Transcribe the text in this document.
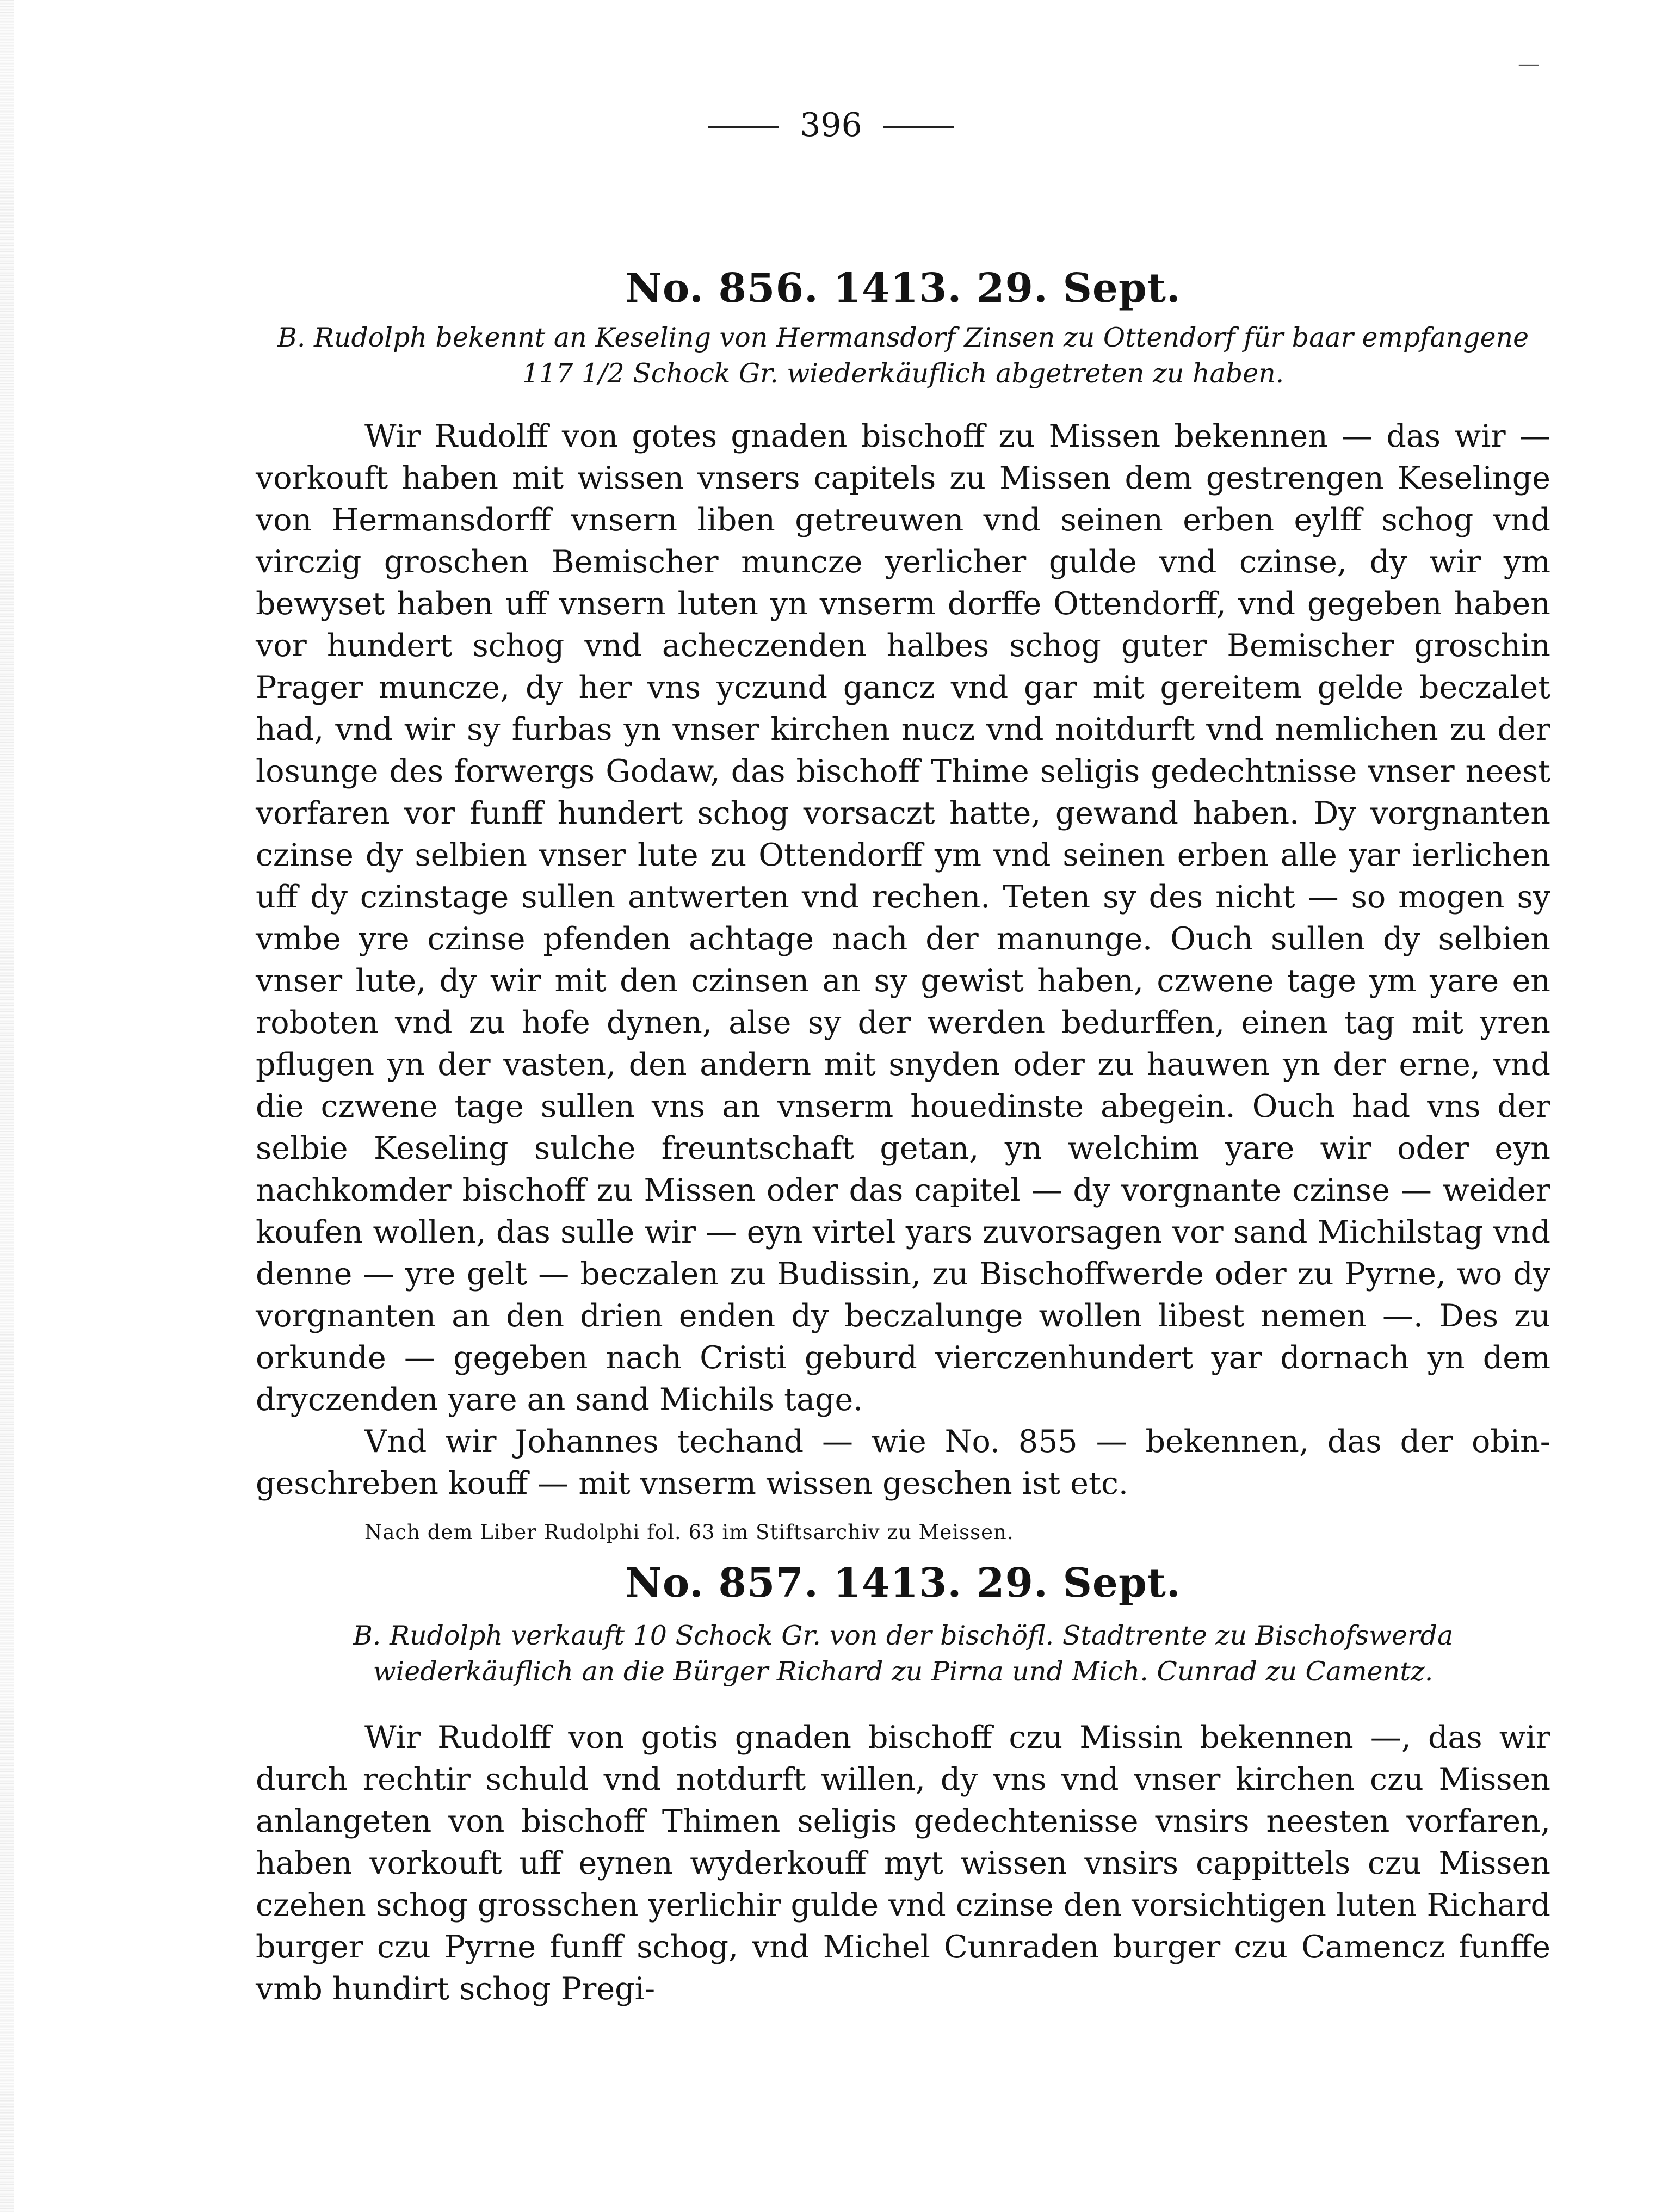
—
396
No. 856. 1413. 29. Sept.

B. Rudolph bekennt an Keseling von Hermansdorf Zinsen zu Ottendorf für baar empfangene 117 1/2 Schock Gr. wiederkäuflich abgetreten zu haben.

Wir Rudolff von gotes gnaden bischoff zu Missen bekennen — das wir — vorkouft haben mit wissen vnsers capitels zu Missen dem gestrengen Keselinge von Hermansdorff vnsern liben getreuwen vnd seinen erben eylff schog vnd virczig groschen Bemischer muncze yerlicher gulde vnd czinse, dy wir ym bewyset haben uff vnsern luten yn vnserm dorffe Ottendorff, vnd gegeben haben vor hundert schog vnd acheczenden halbes schog guter Bemischer groschin Prager muncze, dy her vns yczund gancz vnd gar mit gereitem gelde beczalet had, vnd wir sy furbas yn vnser kirchen nucz vnd noitdurft vnd nemlichen zu der losunge des forwergs Godaw, das bischoff Thime seligis gedechtnisse vnser neest vorfaren vor funff hundert schog vorsaczt hatte, gewand haben. Dy vorgnanten czinse dy selbien vnser lute zu Ottendorff ym vnd seinen erben alle yar ierlichen uff dy czinstage sullen antwerten vnd rechen. Teten sy des nicht — so mogen sy vmbe yre czinse pfenden achtage nach der manunge. Ouch sullen dy selbien vnser lute, dy wir mit den czinsen an sy gewist haben, czwene tage ym yare en roboten vnd zu hofe dynen, alse sy der werden bedurffen, einen tag mit yren pflugen yn der vasten, den andern mit snyden oder zu hauwen yn der erne, vnd die czwene tage sullen vns an vnserm houedinste abegein. Ouch had vns der selbie Keseling sulche freuntschaft getan, yn welchim yare wir oder eyn nachkomder bischoff zu Missen oder das capitel — dy vorgnante czinse — weider koufen wollen, das sulle wir — eyn virtel yars zuvorsagen vor sand Michilstag vnd denne — yre gelt — beczalen zu Budissin, zu Bischoffwerde oder zu Pyrne, wo dy vorgnanten an den drien enden dy beczalunge wollen libest nemen —. Des zu orkunde — gegeben nach Cristi geburd vierczenhundert yar dornach yn dem dryczenden yare an sand Michils tage.

Vnd wir Johannes techand — wie No. 855 — bekennen, das der obingeschreben kouff — mit vnserm wissen geschen ist etc.

Nach dem Liber Rudolphi fol. 63 im Stiftsarchiv zu Meissen.

No. 857. 1413. 29. Sept.

B. Rudolph verkauft 10 Schock Gr. von der bischöfl. Stadtrente zu Bischofswerda wiederkäuflich an die Bürger Richard zu Pirna und Mich. Cunrad zu Camentz.

Wir Rudolff von gotis gnaden bischoff czu Missin bekennen —, das wir durch rechtir schuld vnd notdurft willen, dy vns vnd vnser kirchen czu Missen anlangeten von bischoff Thimen seligis gedechtenisse vnsirs neesten vorfaren, haben vorkouft uff eynen wyderkouff myt wissen vnsirs cappittels czu Missen czehen schog grosschen yerlichir gulde vnd czinse den vorsichtigen luten Richard burger czu Pyrne funff schog, vnd Michel Cunraden burger czu Camencz funffe vmb hundirt schog Pregi-
